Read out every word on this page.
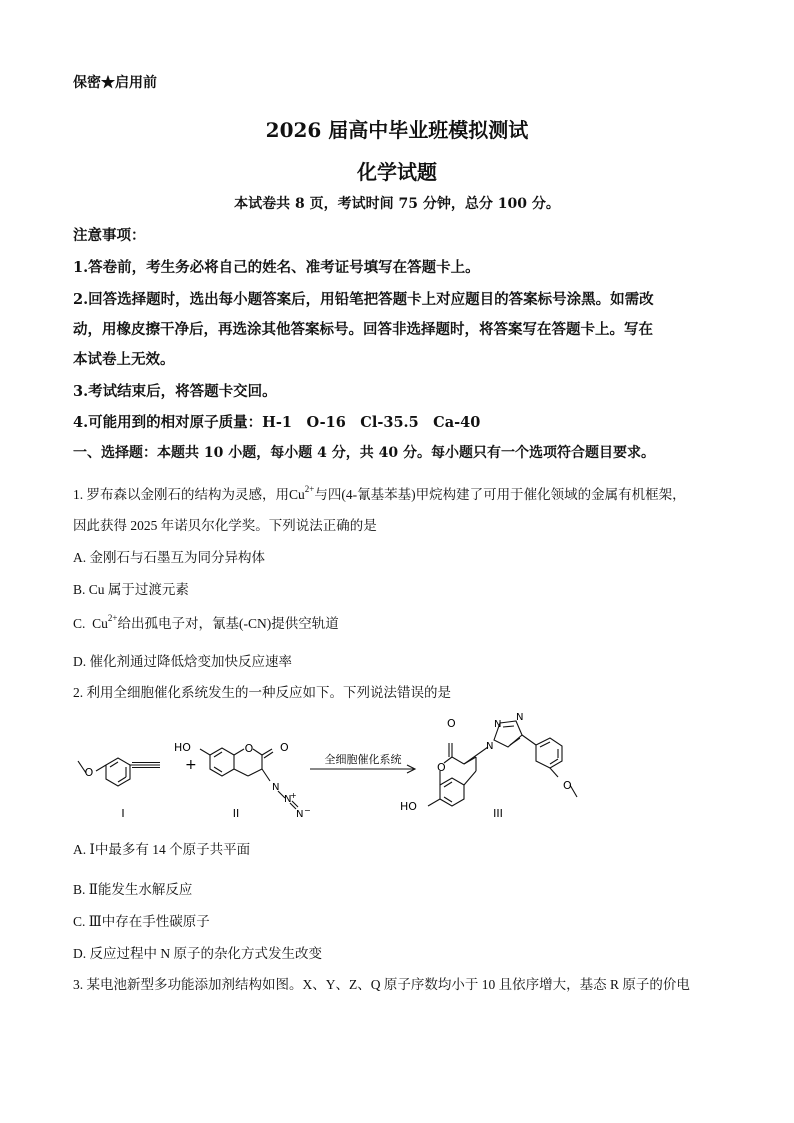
保密★启用前
2026 届高中毕业班模拟测试
化学试题
本试卷共 8 页，考试时间 75 分钟，总分 100 分。
注意事项：
1.答卷前，考生务必将自己的姓名、准考证号填写在答题卡上。
2.回答选择题时，选出每小题答案后，用铅笔把答题卡上对应题目的答案标号涂黑。如需改
动，用橡皮擦干净后，再选涂其他答案标号。回答非选择题时，将答案写在答题卡上。写在
本试卷上无效。
3.考试结束后，将答题卡交回。
4.可能用到的相对原子质量：H-1　O-16　Cl-35.5　Ca-40
一、选择题：本题共 10 小题，每小题 4 分，共 40 分。每小题只有一个选项符合题目要求。
1. 罗布森以金刚石的结构为灵感，用$Cu^{2+}$与四(4-氰基苯基)甲烷构建了可用于催化领域的金属有机框架，
因此获得 2025 年诺贝尔化学奖。下列说法正确的是
A. 金刚石与石墨互为同分异构体
B. Cu 属于过渡元素
C. $Cu^{2+}$给出孤电子对，氰基(-CN)提供空轨道
D. 催化剂通过降低焓变加快反应速率
2. 利用全细胞催化系统发生的一种反应如下。下列说法错误的是
O	+
HO	O O
N
N
+
N −
全细胞催化系统
O
O
HO
N
N
N
O
I	II	III
A. Ⅰ中最多有 14 个原子共平面
B. Ⅱ能发生水解反应
C. Ⅲ中存在手性碳原子
D. 反应过程中 N 原子的杂化方式发生改变
3. 某电池新型多功能添加剂结构如图。X、Y、Z、Q 原子序数均小于 10 且依序增大，基态 R 原子的价电
